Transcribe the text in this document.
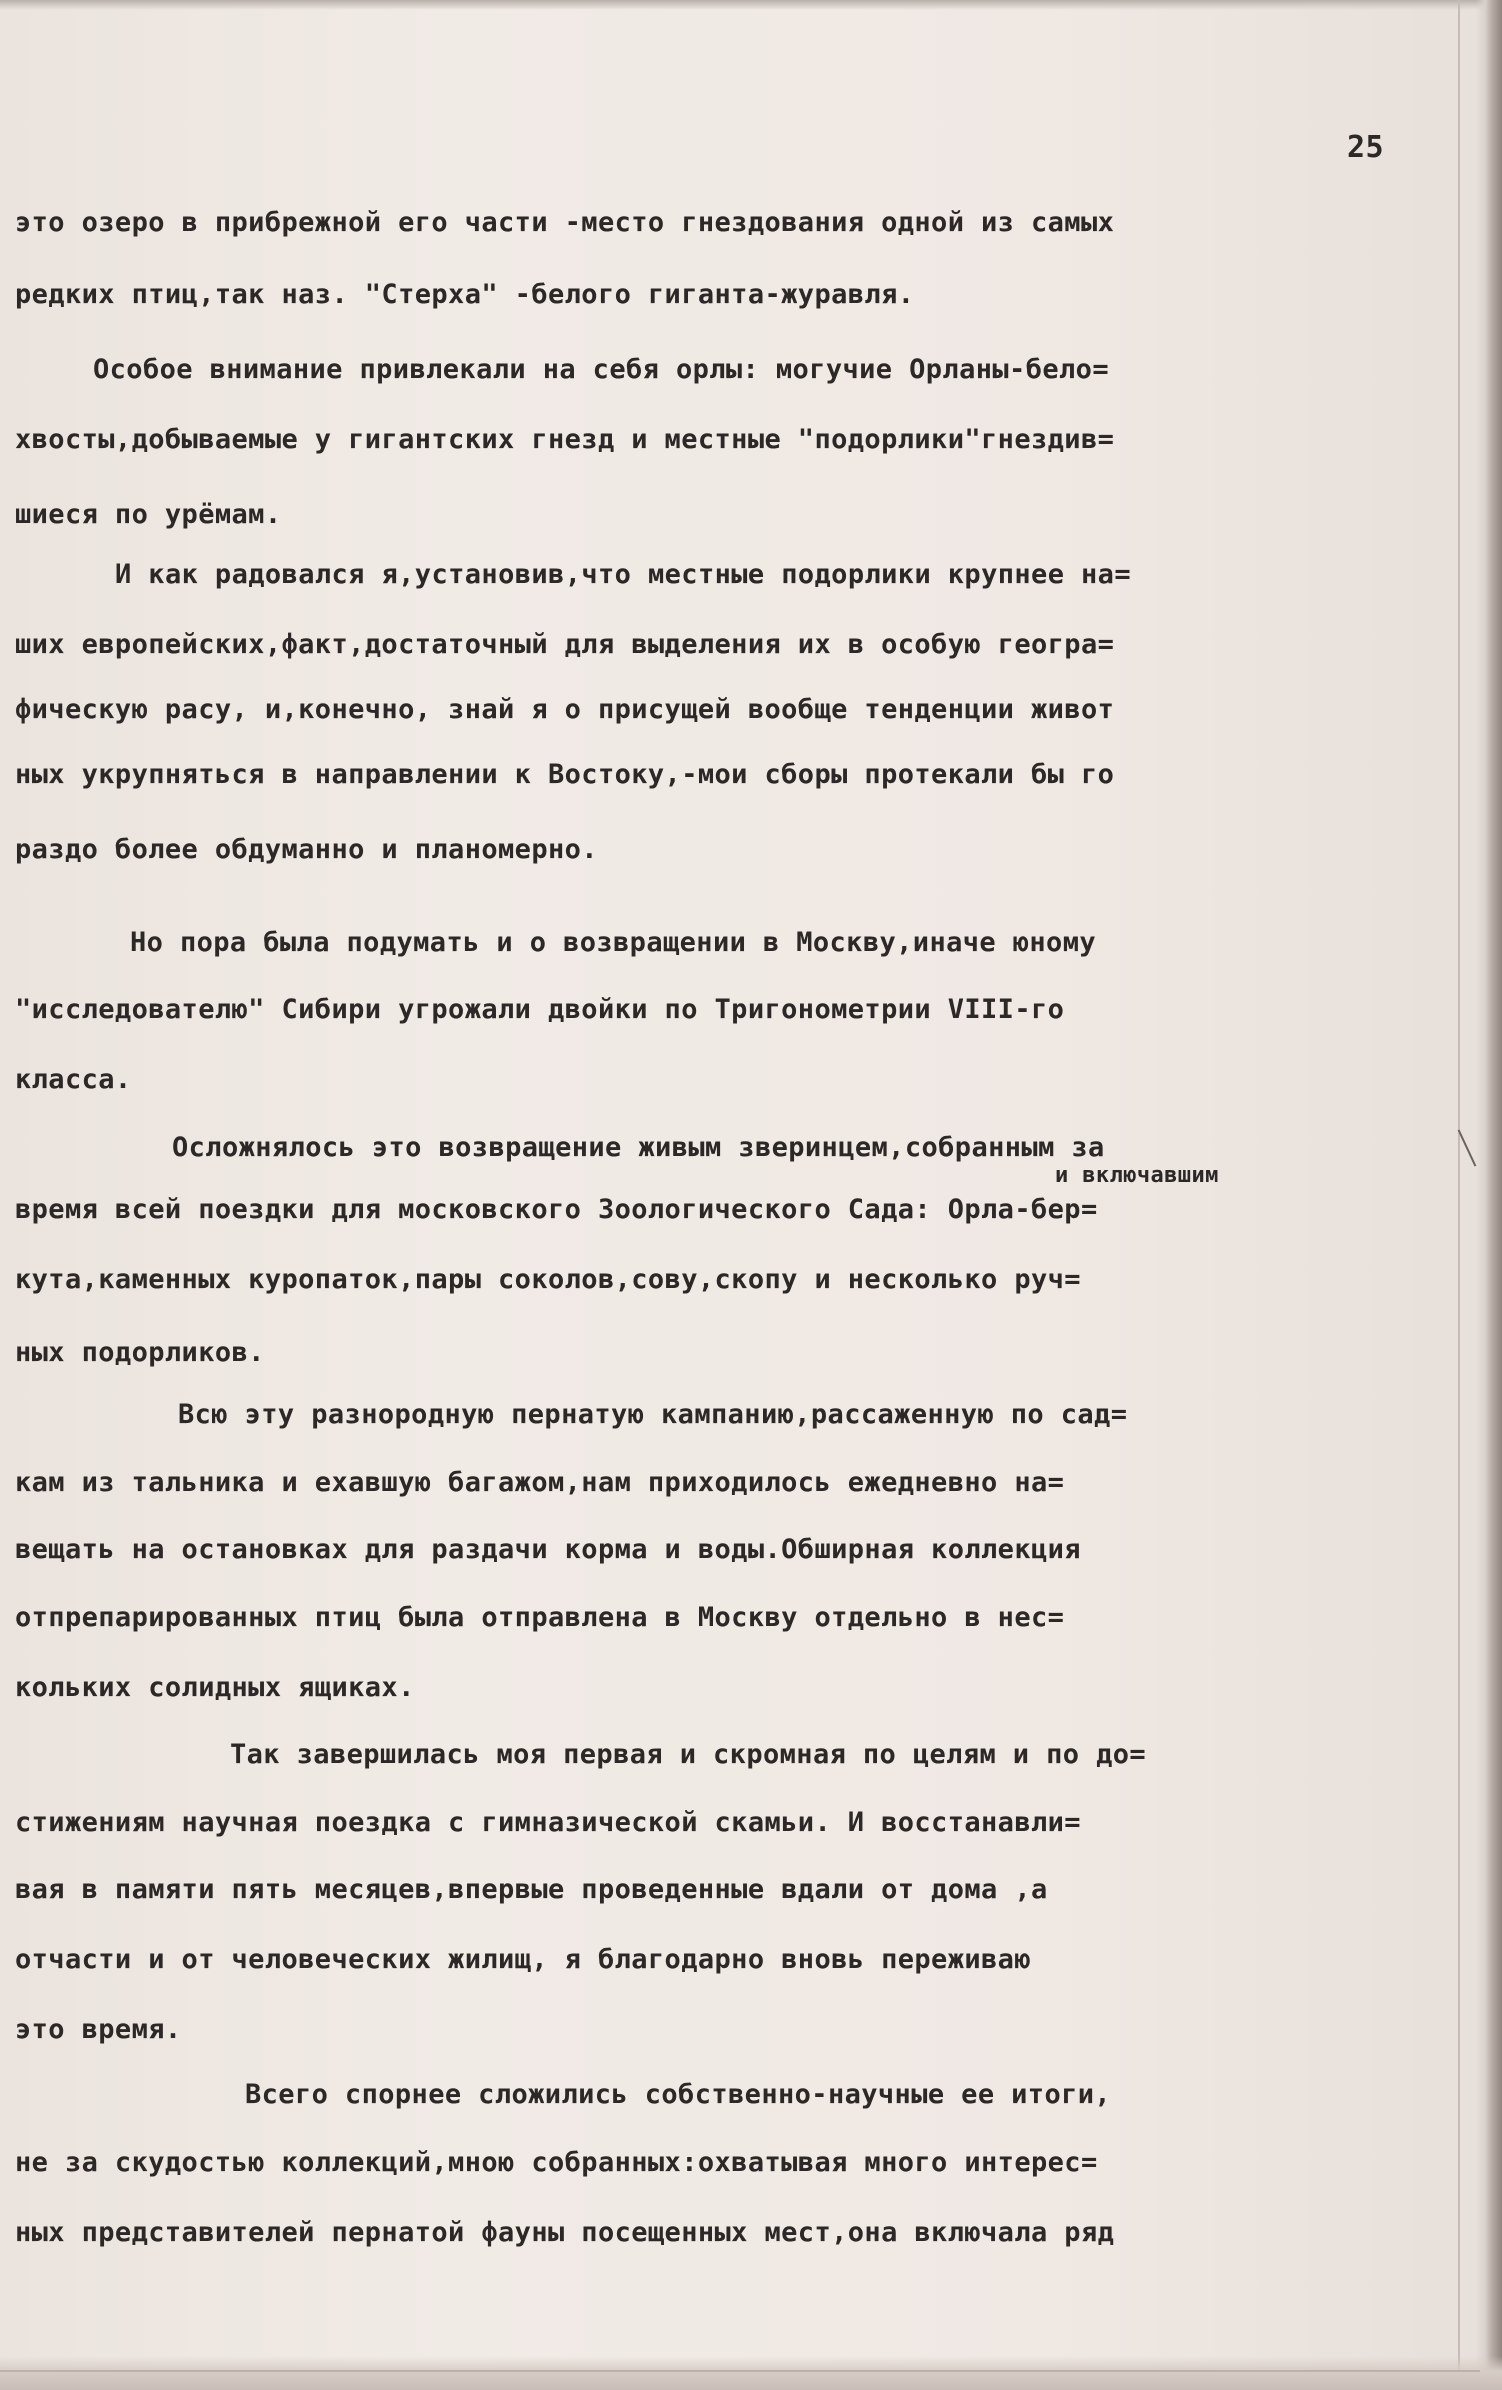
25

это озеро в прибрежной его части -место гнездования одной из самых

редких птиц,так наз. "Стерха" -белого гиганта-журавля.

Особое внимание привлекали на себя орлы: могучие Орланы-бело=

хвосты,добываемые у гигантских гнезд и местные "подорлики"гнездив=

шиеся по урёмам.

И как радовался я,установив,что местные подорлики крупнее на=

ших европейских,факт,достаточный для выделения их в особую геогра=

фическую расу, и,конечно, знай я о присущей вообще тенденции живот

ных укрупняться в направлении к Востоку,-мои сборы протекали бы го

раздо более обдуманно и планомерно.

Но пора была подумать и о возвращении в Москву,иначе юному

"исследователю" Сибири угрожали двойки по Тригонометрии VIII-го

класса.

Осложнялось это возвращение живым зверинцем,собранным за

и включавшим

время всей поездки для московского Зоологического Сада: Орла-бер=

кута,каменных куропаток,пары соколов,сову,скопу и несколько руч=

ных подорликов.

Всю эту разнородную пернатую кампанию,рассаженную по сад=

кам из тальника и ехавшую багажом,нам приходилось ежедневно на=

вещать на остановках для раздачи корма и воды.Обширная коллекция

отпрепарированных птиц была отправлена в Москву отдельно в нес=

кольких солидных ящиках.

Так завершилась моя первая и скромная по целям и по до=

стижениям научная поездка с гимназической скамьи. И восстанавли=

вая в памяти пять месяцев,впервые проведенные вдали от дома ,а

отчасти и от человеческих жилищ, я благодарно вновь переживаю

это время.

Всего спорнее сложились собственно-научные ее итоги,

не за скудостью коллекций,мною собранных:охватывая много интерес=

ных представителей пернатой фауны посещенных мест,она включала ряд
